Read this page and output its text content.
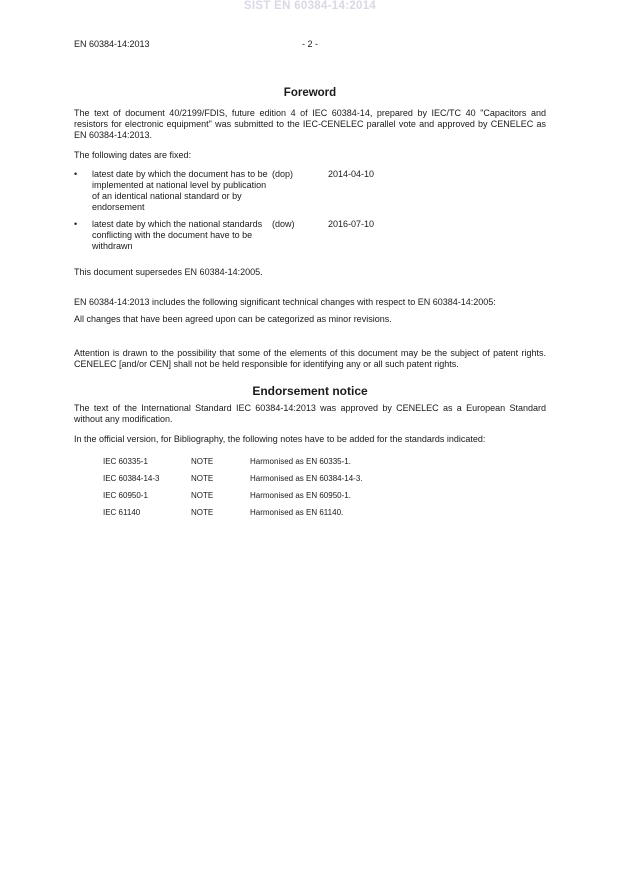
SIST EN 60384-14:2014
EN 60384-14:2013	- 2 -
Foreword

The text of document 40/2199/FDIS, future edition 4 of IEC 60384-14, prepared by IEC/TC 40 "Capacitors and resistors for electronic equipment" was submitted to the IEC-CENELEC parallel vote and approved by CENELEC as EN 60384-14:2013.

The following dates are fixed:

•	latest date by which the document has to be implemented at national level by publication of an identical national standard or by endorsement
(dop)	2014-04-10
•	latest date by which the national standards conflicting with the document have to be withdrawn
(dow)	2016-07-10

This document supersedes EN 60384-14:2005.

EN 60384-14:2013 includes the following significant technical changes with respect to EN 60384-14:2005:

All changes that have been agreed upon can be categorized as minor revisions.

Attention is drawn to the possibility that some of the elements of this document may be the subject of patent rights. CENELEC [and/or CEN] shall not be held responsible for identifying any or all such patent rights.

Endorsement notice

The text of the International Standard IEC 60384-14:2013 was approved by CENELEC as a European Standard without any modification.

In the official version, for Bibliography, the following notes have to be added for the standards indicated:

IEC 60335-1	NOTE	Harmonised as EN 60335-1.
IEC 60384-14-3	NOTE	Harmonised as EN 60384-14-3.
IEC 60950-1	NOTE	Harmonised as EN 60950-1.
IEC 61140	NOTE	Harmonised as EN 61140.
